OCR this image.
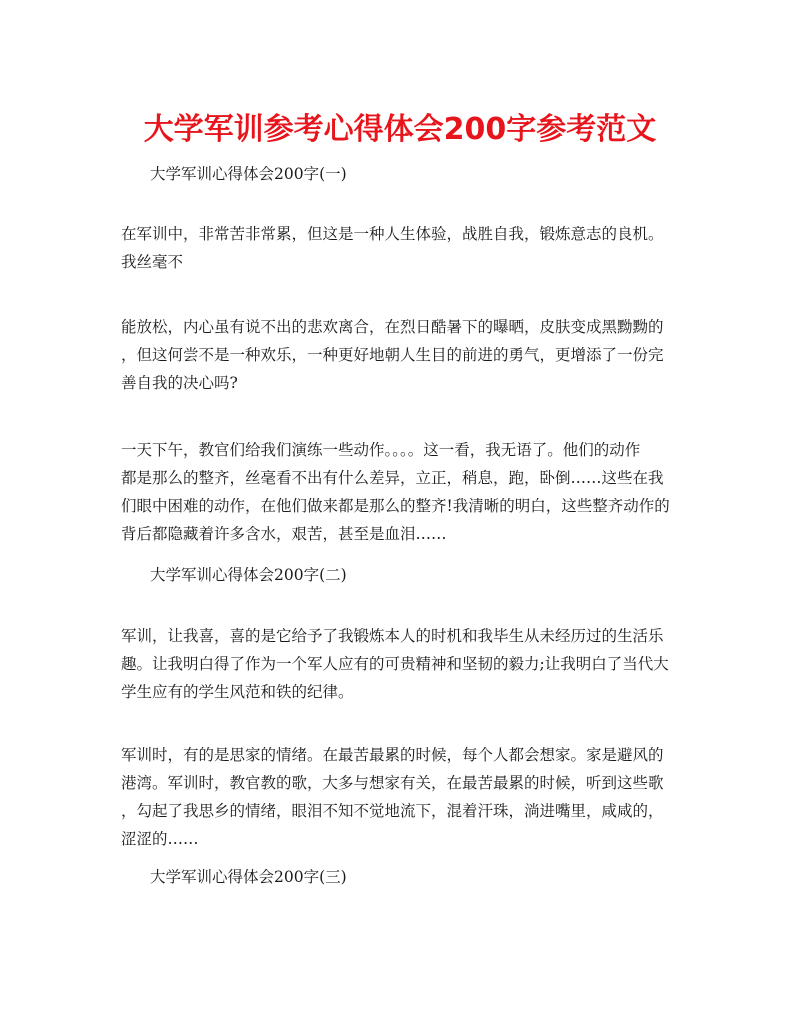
大学军训参考心得体会200字参考范文
大学军训心得体会200字(一)
在军训中，非常苦非常累，但这是一种人生体验，战胜自我，锻炼意志的良机。
我丝毫不
能放松，内心虽有说不出的悲欢离合，在烈日酷暑下的曝晒，皮肤变成黑黝黝的
，但这何尝不是一种欢乐，一种更好地朝人生目的前进的勇气，更增添了一份完
善自我的决心吗?
一天下午，教官们给我们演练一些动作。。。。这一看，我无语了。他们的动作
都是那么的整齐，丝毫看不出有什么差异，立正，稍息，跑，卧倒……这些在我
们眼中困难的动作，在他们做来都是那么的整齐!我清晰的明白，这些整齐动作的
背后都隐藏着许多含水，艰苦，甚至是血泪……
大学军训心得体会200字(二)
军训，让我喜，喜的是它给予了我锻炼本人的时机和我毕生从未经历过的生活乐
趣。让我明白得了作为一个军人应有的可贵精神和坚韧的毅力;让我明白了当代大
学生应有的学生风范和铁的纪律。
军训时，有的是思家的情绪。在最苦最累的时候，每个人都会想家。家是避风的
港湾。军训时，教官教的歌，大多与想家有关，在最苦最累的时候，听到这些歌
，勾起了我思乡的情绪，眼泪不知不觉地流下，混着汗珠，淌进嘴里，咸咸的，
涩涩的……
大学军训心得体会200字(三)
